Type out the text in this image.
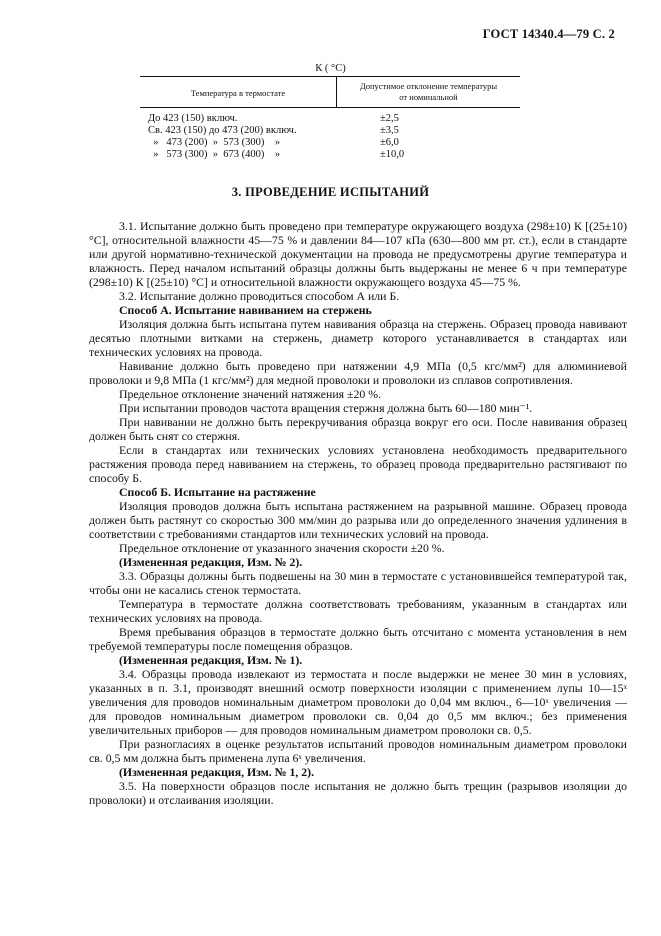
ГОСТ 14340.4—79 С. 2
К ( °С)
Температура в термостате
Допустимое отклонение температуры
от номинальной
До 423 (150) включ.	±2,5
Св. 423 (150) до 473 (200) включ.	±3,5
»   473 (200)  »  573 (300)    »	±6,0
»   573 (300)  »  673 (400)    »	±10,0
3. ПРОВЕДЕНИЕ ИСПЫТАНИЙ

3.1. Испытание должно быть проведено при температуре окружающего воздуха (298±10) К [(25±10) °С], относительной влажности 45—75 % и давлении 84—107 кПа (630—800 мм рт. ст.), если в стандарте или другой нормативно-технической документации на провода не предусмотрены другие температура и влажность. Перед началом испытаний образцы должны быть выдержаны не менее 6 ч при температуре (298±10) К [(25±10) °С] и относительной влажности окружающего воздуха 45—75 %.

3.2. Испытание должно проводиться способом А или Б.

Способ А. Испытание навиванием на стержень

Изоляция должна быть испытана путем навивания образца на стержень. Образец провода навивают десятью плотными витками на стержень, диаметр которого устанавливается в стандартах или технических условиях на провода.

Навивание должно быть проведено при натяжении 4,9 МПа (0,5 кгс/мм²) для алюминиевой проволоки и 9,8 МПа (1 кгс/мм²) для медной проволоки и проволоки из сплавов сопротивления.

Предельное отклонение значений натяжения ±20 %.

При испытании проводов частота вращения стержня должна быть 60—180 мин⁻¹.

При навивании не должно быть перекручивания образца вокруг его оси. После навивания образец должен быть снят со стержня.

Если в стандартах или технических условиях установлена необходимость предварительного растяжения провода перед навиванием на стержень, то образец провода предварительно растягивают по способу Б.

Способ Б. Испытание на растяжение

Изоляция проводов должна быть испытана растяжением на разрывной машине. Образец провода должен быть растянут со скоростью 300 мм/мин до разрыва или до определенного значения удлинения в соответствии с требованиями стандартов или технических условий на провода.

Предельное отклонение от указанного значения скорости ±20 %.

(Измененная редакция, Изм. № 2).

3.3. Образцы должны быть подвешены на 30 мин в термостате с установившейся температурой так, чтобы они не касались стенок термостата.

Температура в термостате должна соответствовать требованиям, указанным в стандартах или технических условиях на провода.

Время пребывания образцов в термостате должно быть отсчитано с момента установления в нем требуемой температуры после помещения образцов.

(Измененная редакция, Изм. № 1).

3.4. Образцы провода извлекают из термостата и после выдержки не менее 30 мин в условиях, указанных в п. 3.1, производят внешний осмотр поверхности изоляции с применением лупы 10—15ˣ увеличения для проводов номинальным диаметром проволоки до 0,04 мм включ., 6—10ˣ увеличения — для проводов номинальным диаметром проволоки св. 0,04 до 0,5 мм включ.; без применения увеличительных приборов — для проводов номинальным диаметром проволоки св. 0,5.

При разногласиях в оценке результатов испытаний проводов номинальным диаметром проволоки св. 0,5 мм должна быть применена лупа 6ˣ увеличения.

(Измененная редакция, Изм. № 1, 2).

3.5. На поверхности образцов после испытания не должно быть трещин (разрывов изоляции до проволоки) и отслаивания изоляции.
